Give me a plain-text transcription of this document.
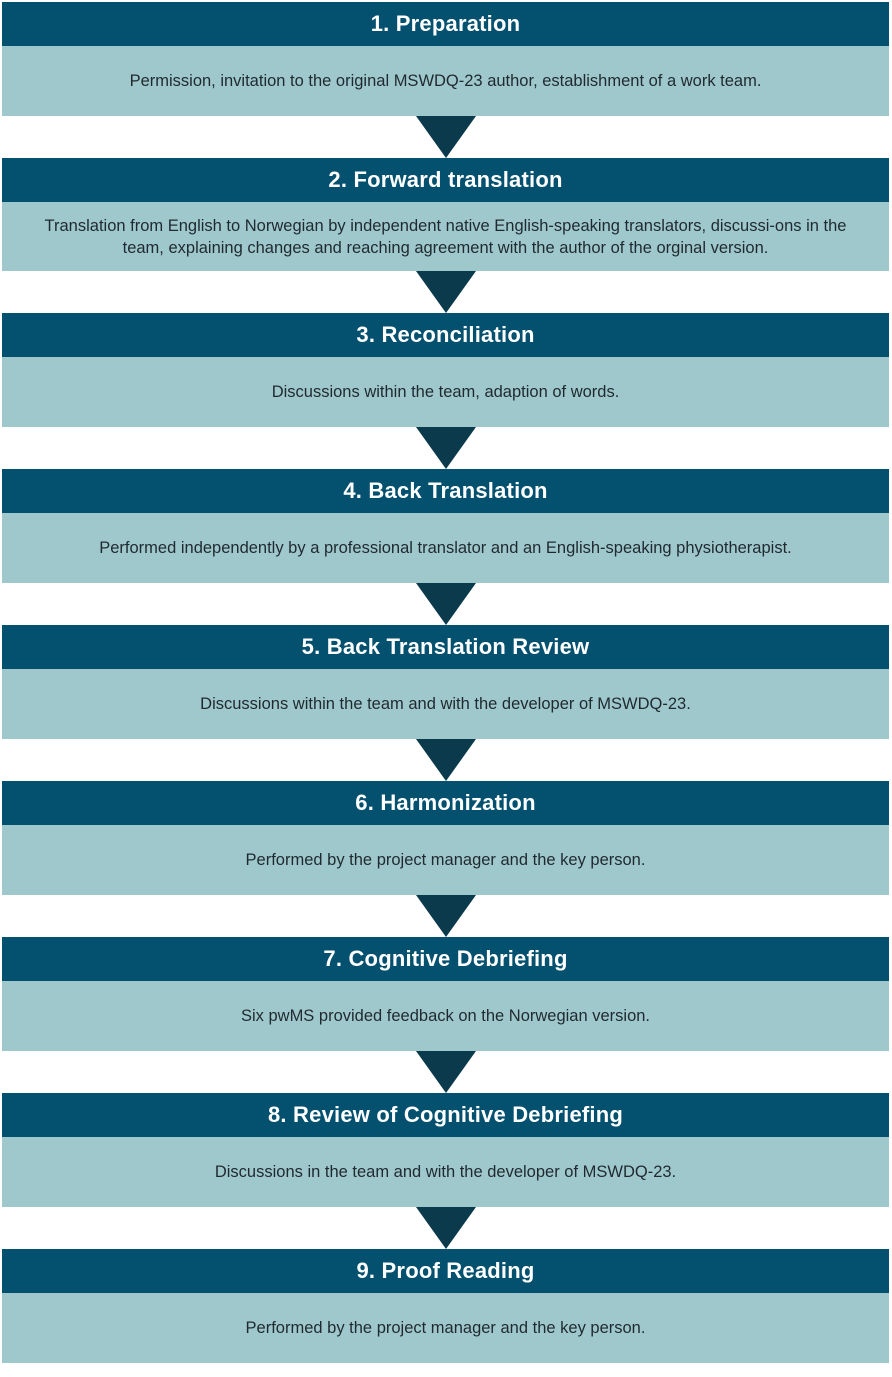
1. Preparation
Permission, invitation to the original MSWDQ-23 author, establishment of a work team.
2. Forward translation
Translation from English to Norwegian by independent native English-speaking translators, discussi-ons in the team, explaining changes and reaching agreement with the author of the orginal version.
3. Reconciliation
Discussions within the team, adaption of words.
4. Back Translation
Performed independently by a professional translator and an English-speaking physiotherapist.
5. Back Translation Review
Discussions within the team and with the developer of MSWDQ-23.
6. Harmonization
Performed by the project manager and the key person.
7. Cognitive Debriefing
Six pwMS provided feedback on the Norwegian version.
8. Review of Cognitive Debriefing
Discussions in the team and with the developer of MSWDQ-23.
9. Proof Reading
Performed by the project manager and the key person.
